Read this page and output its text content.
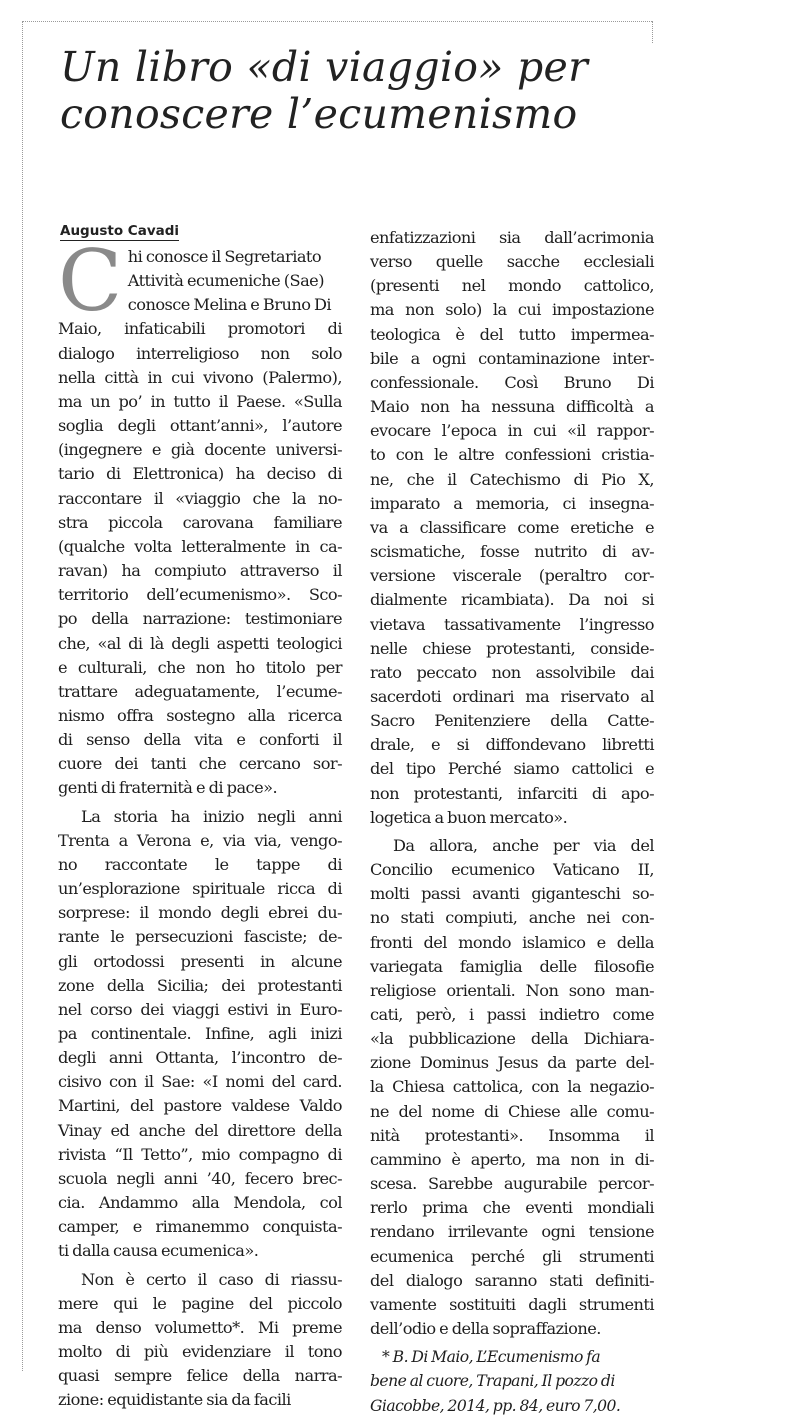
Un libro «di viaggio» per conoscere l’ecumenismo
Augusto Cavadi

C hi conosce il Segretariato
Attività ecumeniche (Sae)
conosce Melina e Bruno Di

Maio, infaticabili promotori di
dialogo interreligioso non solo
nella città in cui vivono (Palermo),
ma un po’ in tutto il Paese. «Sulla
soglia degli ottant’anni», l’autore
(ingegnere e già docente universi-
tario di Elettronica) ha deciso di
raccontare il «viaggio che la no-
stra piccola carovana familiare
(qualche volta letteralmente in ca-
ravan) ha compiuto attraverso il
territorio dell’ecumenismo». Sco-
po della narrazione: testimoniare
che, «al di là degli aspetti teologici
e culturali, che non ho titolo per
trattare adeguatamente, l’ecume-
nismo offra sostegno alla ricerca
di senso della vita e conforti il
cuore dei tanti che cercano sor-
genti di fraternità e di pace».

La storia ha inizio negli anni
Trenta a Verona e, via via, vengo-
no raccontate le tappe di
un’esplorazione spirituale ricca di
sorprese: il mondo degli ebrei du-
rante le persecuzioni fasciste; de-
gli ortodossi presenti in alcune
zone della Sicilia; dei protestanti
nel corso dei viaggi estivi in Euro-
pa continentale. Infine, agli inizi
degli anni Ottanta, l’incontro de-
cisivo con il Sae: «I nomi del card.
Martini, del pastore valdese Valdo
Vinay ed anche del direttore della
rivista “Il Tetto”, mio compagno di
scuola negli anni ’40, fecero brec-
cia. Andammo alla Mendola, col
camper, e rimanemmo conquista-
ti dalla causa ecumenica».

Non è certo il caso di riassu-
mere qui le pagine del piccolo
ma denso volumetto*. Mi preme
molto di più evidenziare il tono
quasi sempre felice della narra-
zione: equidistante sia da facili

enfatizzazioni sia dall’acrimonia
verso quelle sacche ecclesiali
(presenti nel mondo cattolico,
ma non solo) la cui impostazione
teologica è del tutto impermea-
bile a ogni contaminazione inter-
confessionale. Così Bruno Di
Maio non ha nessuna difficoltà a
evocare l’epoca in cui «il rappor-
to con le altre confessioni cristia-
ne, che il Catechismo di Pio X,
imparato a memoria, ci insegna-
va a classificare come eretiche e
scismatiche, fosse nutrito di av-
versione viscerale (peraltro cor-
dialmente ricambiata). Da noi si
vietava tassativamente l’ingresso
nelle chiese protestanti, conside-
rato peccato non assolvibile dai
sacerdoti ordinari ma riservato al
Sacro Penitenziere della Catte-
drale, e si diffondevano libretti
del tipo Perché siamo cattolici e
non protestanti, infarciti di apo-
logetica a buon mercato».

Da allora, anche per via del
Concilio ecumenico Vaticano II,
molti passi avanti giganteschi so-
no stati compiuti, anche nei con-
fronti del mondo islamico e della
variegata famiglia delle filosofie
religiose orientali. Non sono man-
cati, però, i passi indietro come
«la pubblicazione della Dichiara-
zione Dominus Jesus da parte del-
la Chiesa cattolica, con la negazio-
ne del nome di Chiese alle comu-
nità protestanti». Insomma il
cammino è aperto, ma non in di-
scesa. Sarebbe augurabile percor-
rerlo prima che eventi mondiali
rendano irrilevante ogni tensione
ecumenica perché gli strumenti
del dialogo saranno stati definiti-
vamente sostituiti dagli strumenti
dell’odio e della sopraffazione.

* B. Di Maio, L’Ecumenismo fa
bene al cuore, Trapani, Il pozzo di
Giacobbe, 2014, pp. 84, euro 7,00.
